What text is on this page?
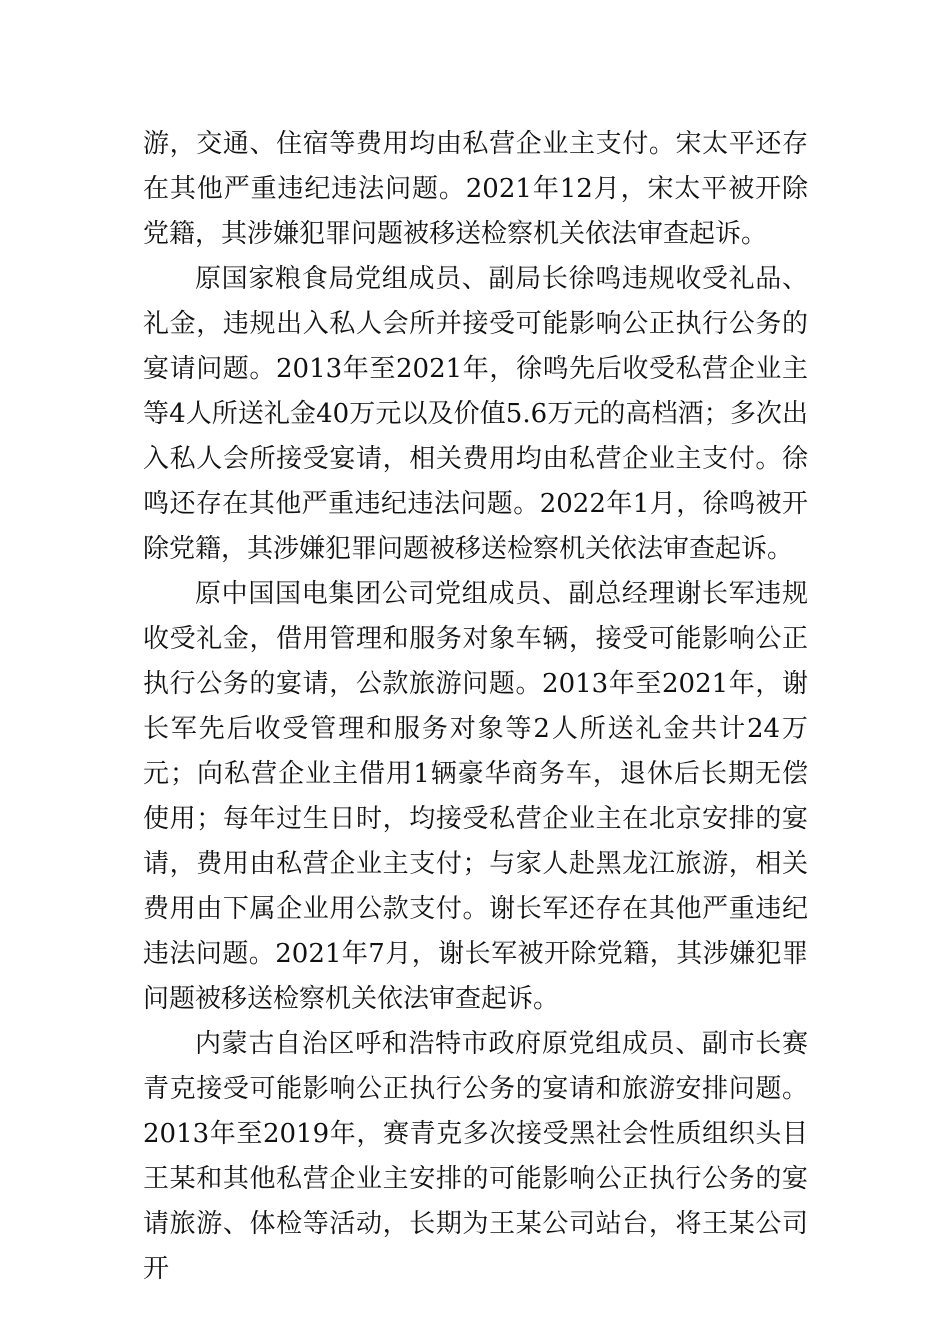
游，交通、住宿等费用均由私营企业主支付。宋太平还存在其他严重违纪违法问题。2021年12月，宋太平被开除党籍，其涉嫌犯罪问题被移送检察机关依法审查起诉。

原国家粮食局党组成员、副局长徐鸣违规收受礼品、礼金，违规出入私人会所并接受可能影响公正执行公务的宴请问题。2013年至2021年，徐鸣先后收受私营企业主等4人所送礼金40万元以及价值5.6万元的高档酒；多次出入私人会所接受宴请，相关费用均由私营企业主支付。徐鸣还存在其他严重违纪违法问题。2022年1月，徐鸣被开除党籍，其涉嫌犯罪问题被移送检察机关依法审查起诉。

原中国国电集团公司党组成员、副总经理谢长军违规收受礼金，借用管理和服务对象车辆，接受可能影响公正执行公务的宴请，公款旅游问题。2013年至2021年，谢长军先后收受管理和服务对象等2人所送礼金共计24万元；向私营企业主借用1辆豪华商务车，退休后长期无偿使用；每年过生日时，均接受私营企业主在北京安排的宴请，费用由私营企业主支付；与家人赴黑龙江旅游，相关费用由下属企业用公款支付。谢长军还存在其他严重违纪违法问题。2021年7月，谢长军被开除党籍，其涉嫌犯罪问题被移送检察机关依法审查起诉。

内蒙古自治区呼和浩特市政府原党组成员、副市长赛青克接受可能影响公正执行公务的宴请和旅游安排问题。2013年至2019年，赛青克多次接受黑社会性质组织头目王某和其他私营企业主安排的可能影响公正执行公务的宴请旅游、体检等活动，长期为王某公司站台，将王某公司开
